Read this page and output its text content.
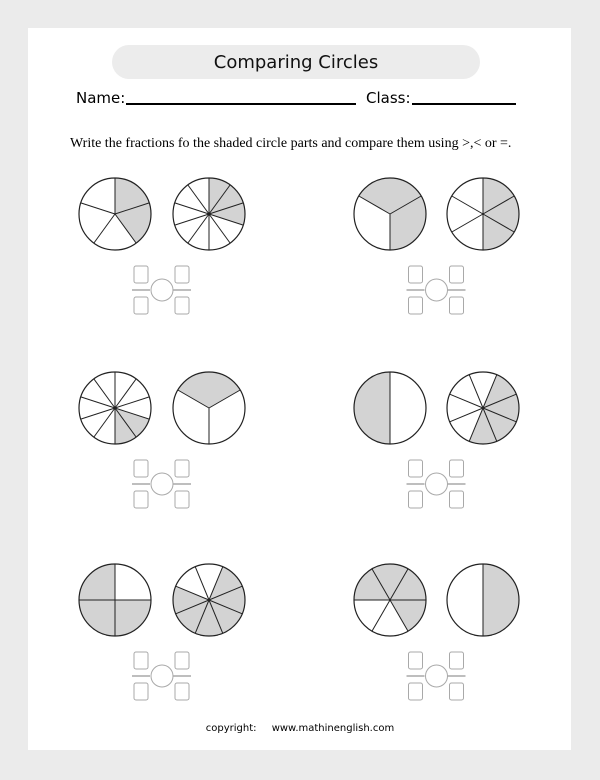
Comparing Circles
Name:	Class:
Write the fractions fo the shaded circle parts and compare them using >,< or =.
copyright: www.mathinenglish.com
